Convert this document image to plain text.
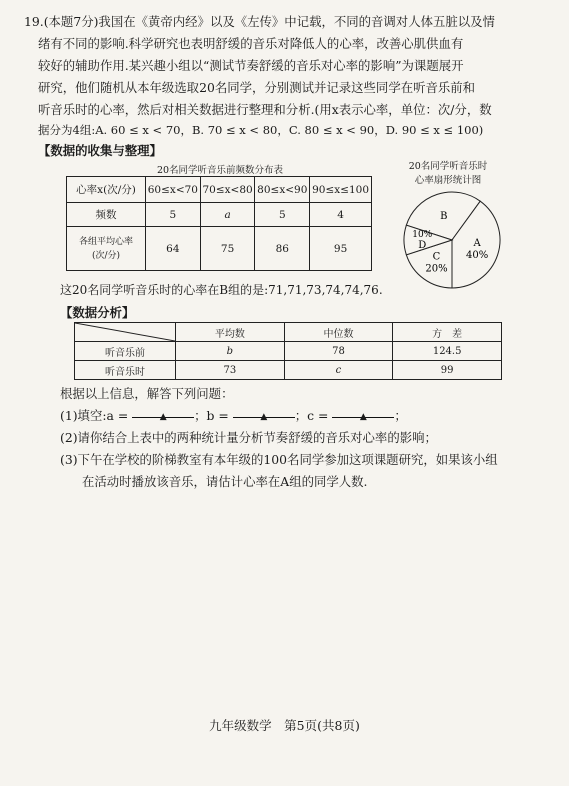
19.(本题7分)我国在《黄帝内经》以及《左传》中记载，不同的音调对人体五脏以及情
绪有不同的影响.科学研究也表明舒缓的音乐对降低人的心率，改善心肌供血有
较好的辅助作用.某兴趣小组以“测试节奏舒缓的音乐对心率的影响”为课题展开
研究，他们随机从本年级选取20名同学，分别测试并记录这些同学在听音乐前和
听音乐时的心率，然后对相关数据进行整理和分析.(用x表示心率，单位：次/分，数
据分为4组:A. 60 ≤ x < 70，B. 70 ≤ x < 80，C. 80 ≤ x < 90，D. 90 ≤ x ≤ 100)
【数据的收集与整理】
20名同学听音乐前频数分布表
心率x(次/分)	60≤x<70	70≤x<80	80≤x<90	90≤x≤100
频数	5	a	5	4
各组平均心率(次/分)	64	75	86	95
20名同学听音乐时
心率扇形统计图
B
A
40%
C
20%
D
10%
这20名同学听音乐时的心率在B组的是:71,71,73,74,74,76.
【数据分析】
	平均数	中位数	方　差
听音乐前	b	78	124.5
听音乐时	73	c	99
根据以上信息，解答下列问题：
(1)填空:a =	▲ ；b =	▲ ；c =	▲ ；
(2)请你结合上表中的两种统计量分析节奏舒缓的音乐对心率的影响；
(3)下午在学校的阶梯教室有本年级的100名同学参加这项课题研究，如果该小组
在活动时播放该音乐，请估计心率在A组的同学人数.
九年级数学　第5页(共8页)
